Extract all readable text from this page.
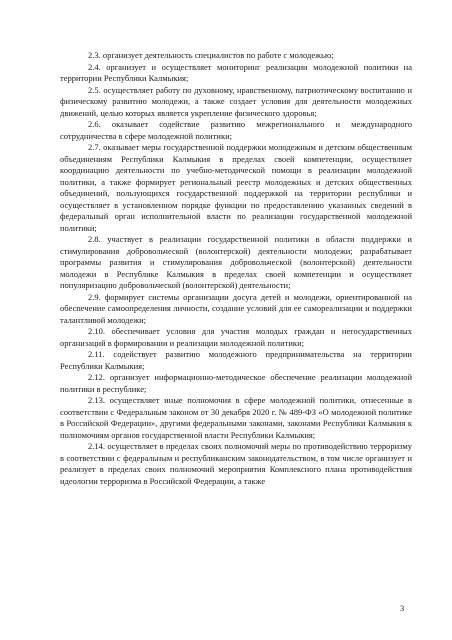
2.3. организует деятельность специалистов по работе с молодежью;

2.4. организует и осуществляет мониторинг реализации молодежной политики на территории Республики Калмыкия;

2.5. осуществляет работу по духовному, нравственному, патриотическому воспитанию и физическому развитию молодежи, а также создает условия для деятельности молодежных движений, целью которых является укрепление физического здоровья;

2.6. оказывает содействие развитию межрегионального и международного сотрудничества в сфере молодежной политики;

2.7. оказывает меры государственной поддержки молодежным и детским общественным объединениям Республики Калмыкия в пределах своей компетенции, осуществляет координацию деятельности по учебно-методической помощи в реализации молодежной политики, а также формирует региональный реестр молодежных и детских общественных объединений, пользующихся государственной поддержкой на территории республики и осуществляет в установленном порядке функции по предоставлению указанных сведений в федеральный орган исполнительной власти по реализации государственной молодежной политики;

2.8. участвует в реализации государственной политики в области поддержки и стимулирования добровольческой (волонтерской) деятельности молодежи; разрабатывает программы развития и стимулирования добровольческой (волонтерской) деятельности молодежи в Республике Калмыкия в пределах своей компетенции и осуществляет популяризацию добровольческой (волонтерской) деятельности;

2.9. формирует системы организации досуга детей и молодежи, ориентированной на обеспечение самоопределения личности, создание условий для ее самореализации и поддержки талантливой молодежи;

2.10. обеспечивает условия для участия молодых граждан и негосударственных организаций в формировании и реализации молодежной политики;

2.11. содействует развитию молодежного предпринимательства на территории Республики Калмыкия;

2.12. организует информационно-методическое обеспечение реализации молодежной политики в республике;

2.13. осуществляет иные полномочия в сфере молодежной политики, отнесенные в соответствии с Федеральным законом от 30 декабря 2020 г. № 489-ФЗ «О молодежной политике в Российской Федерации», другими федеральными законами, законами Республики Калмыкия к полномочиям органов государственной власти Республики Калмыкия;

2.14. осуществляет в пределах своих полномочий меры по противодействию терроризму в соответствии с федеральным и республиканским законодательством, в том числе организует и реализует в пределах своих полномочий мероприятия Комплексного плана противодействия идеологии терроризма в Российской Федерации, а также

3
